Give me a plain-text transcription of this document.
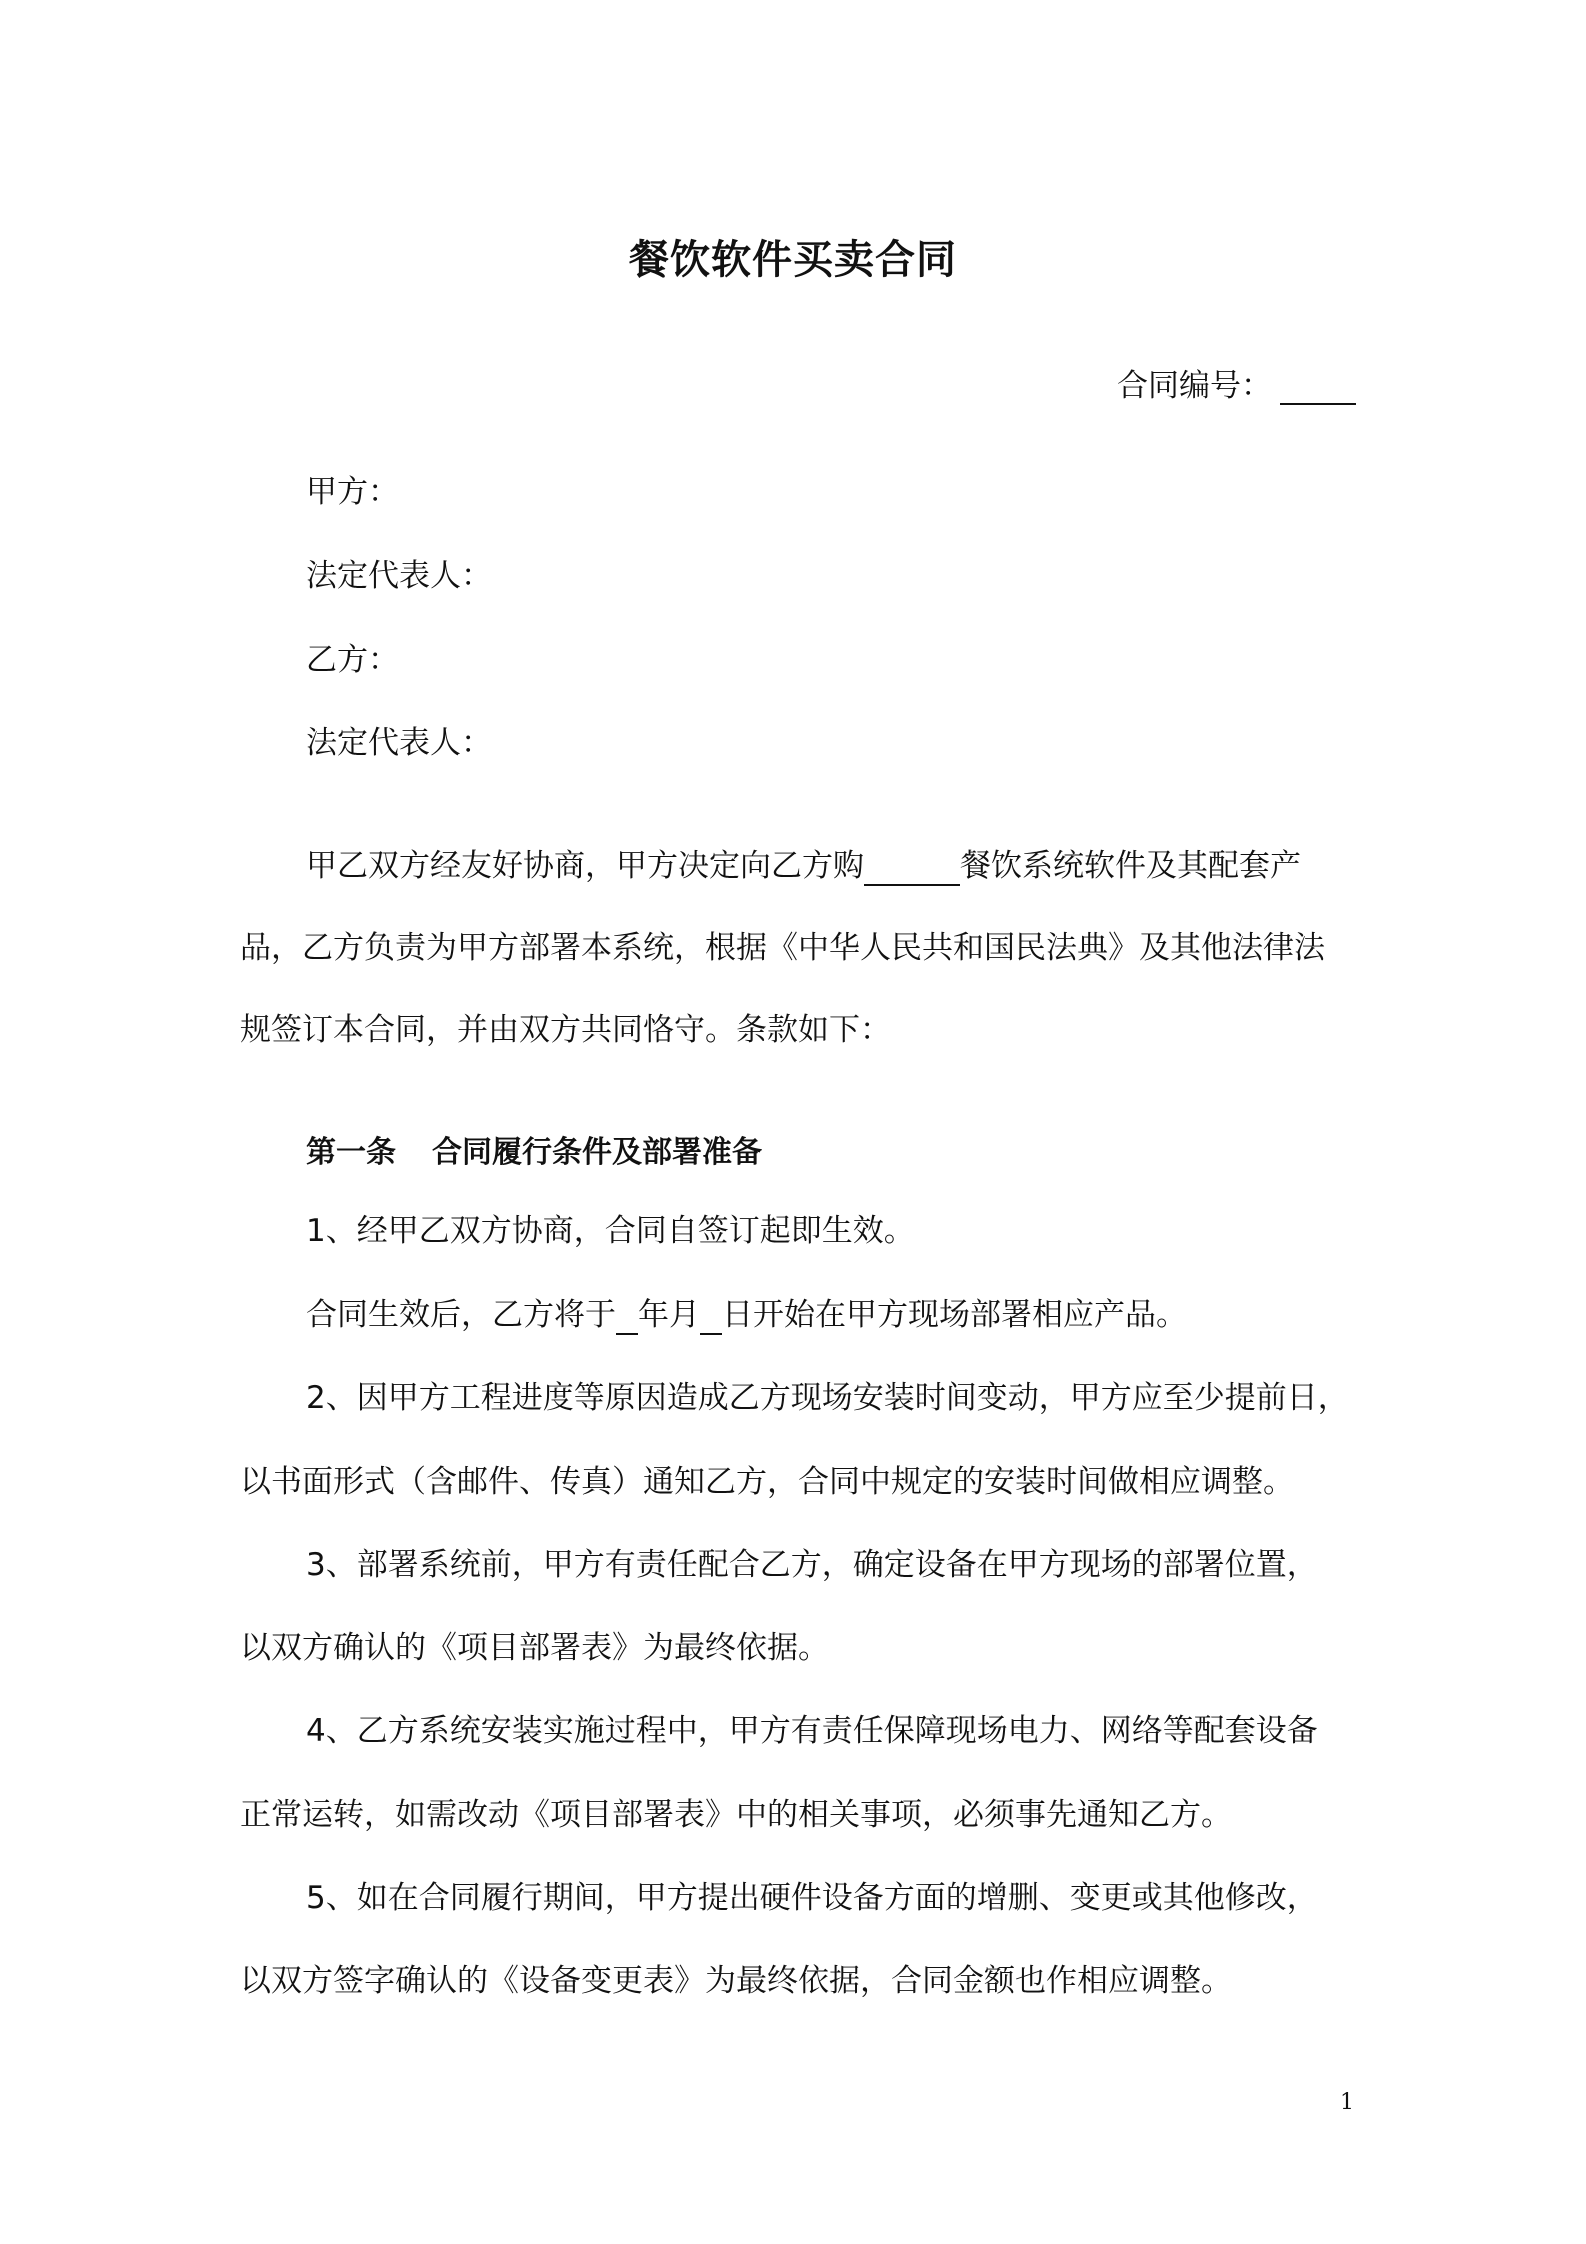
餐饮软件买卖合同
合同编号：
甲方：
法定代表人：
乙方：
法定代表人：
甲乙双方经友好协商，甲方决定向乙方购	餐饮系统软件及其配套产
品，乙方负责为甲方部署本系统，根据《中华人民共和国民法典》及其他法律法
规签订本合同，并由双方共同恪守。条款如下：
第一条 合同履行条件及部署准备
1、经甲乙双方协商，合同自签订起即生效。
合同生效后，乙方将于 年月 日开始在甲方现场部署相应产品。
2、因甲方工程进度等原因造成乙方现场安装时间变动，甲方应至少提前日，
以书面形式（含邮件、传真）通知乙方，合同中规定的安装时间做相应调整。
3、部署系统前，甲方有责任配合乙方，确定设备在甲方现场的部署位置，
以双方确认的《项目部署表》为最终依据。
4、乙方系统安装实施过程中，甲方有责任保障现场电力、网络等配套设备
正常运转，如需改动《项目部署表》中的相关事项，必须事先通知乙方。
5、如在合同履行期间，甲方提出硬件设备方面的增删、变更或其他修改，
以双方签字确认的《设备变更表》为最终依据，合同金额也作相应调整。
1
